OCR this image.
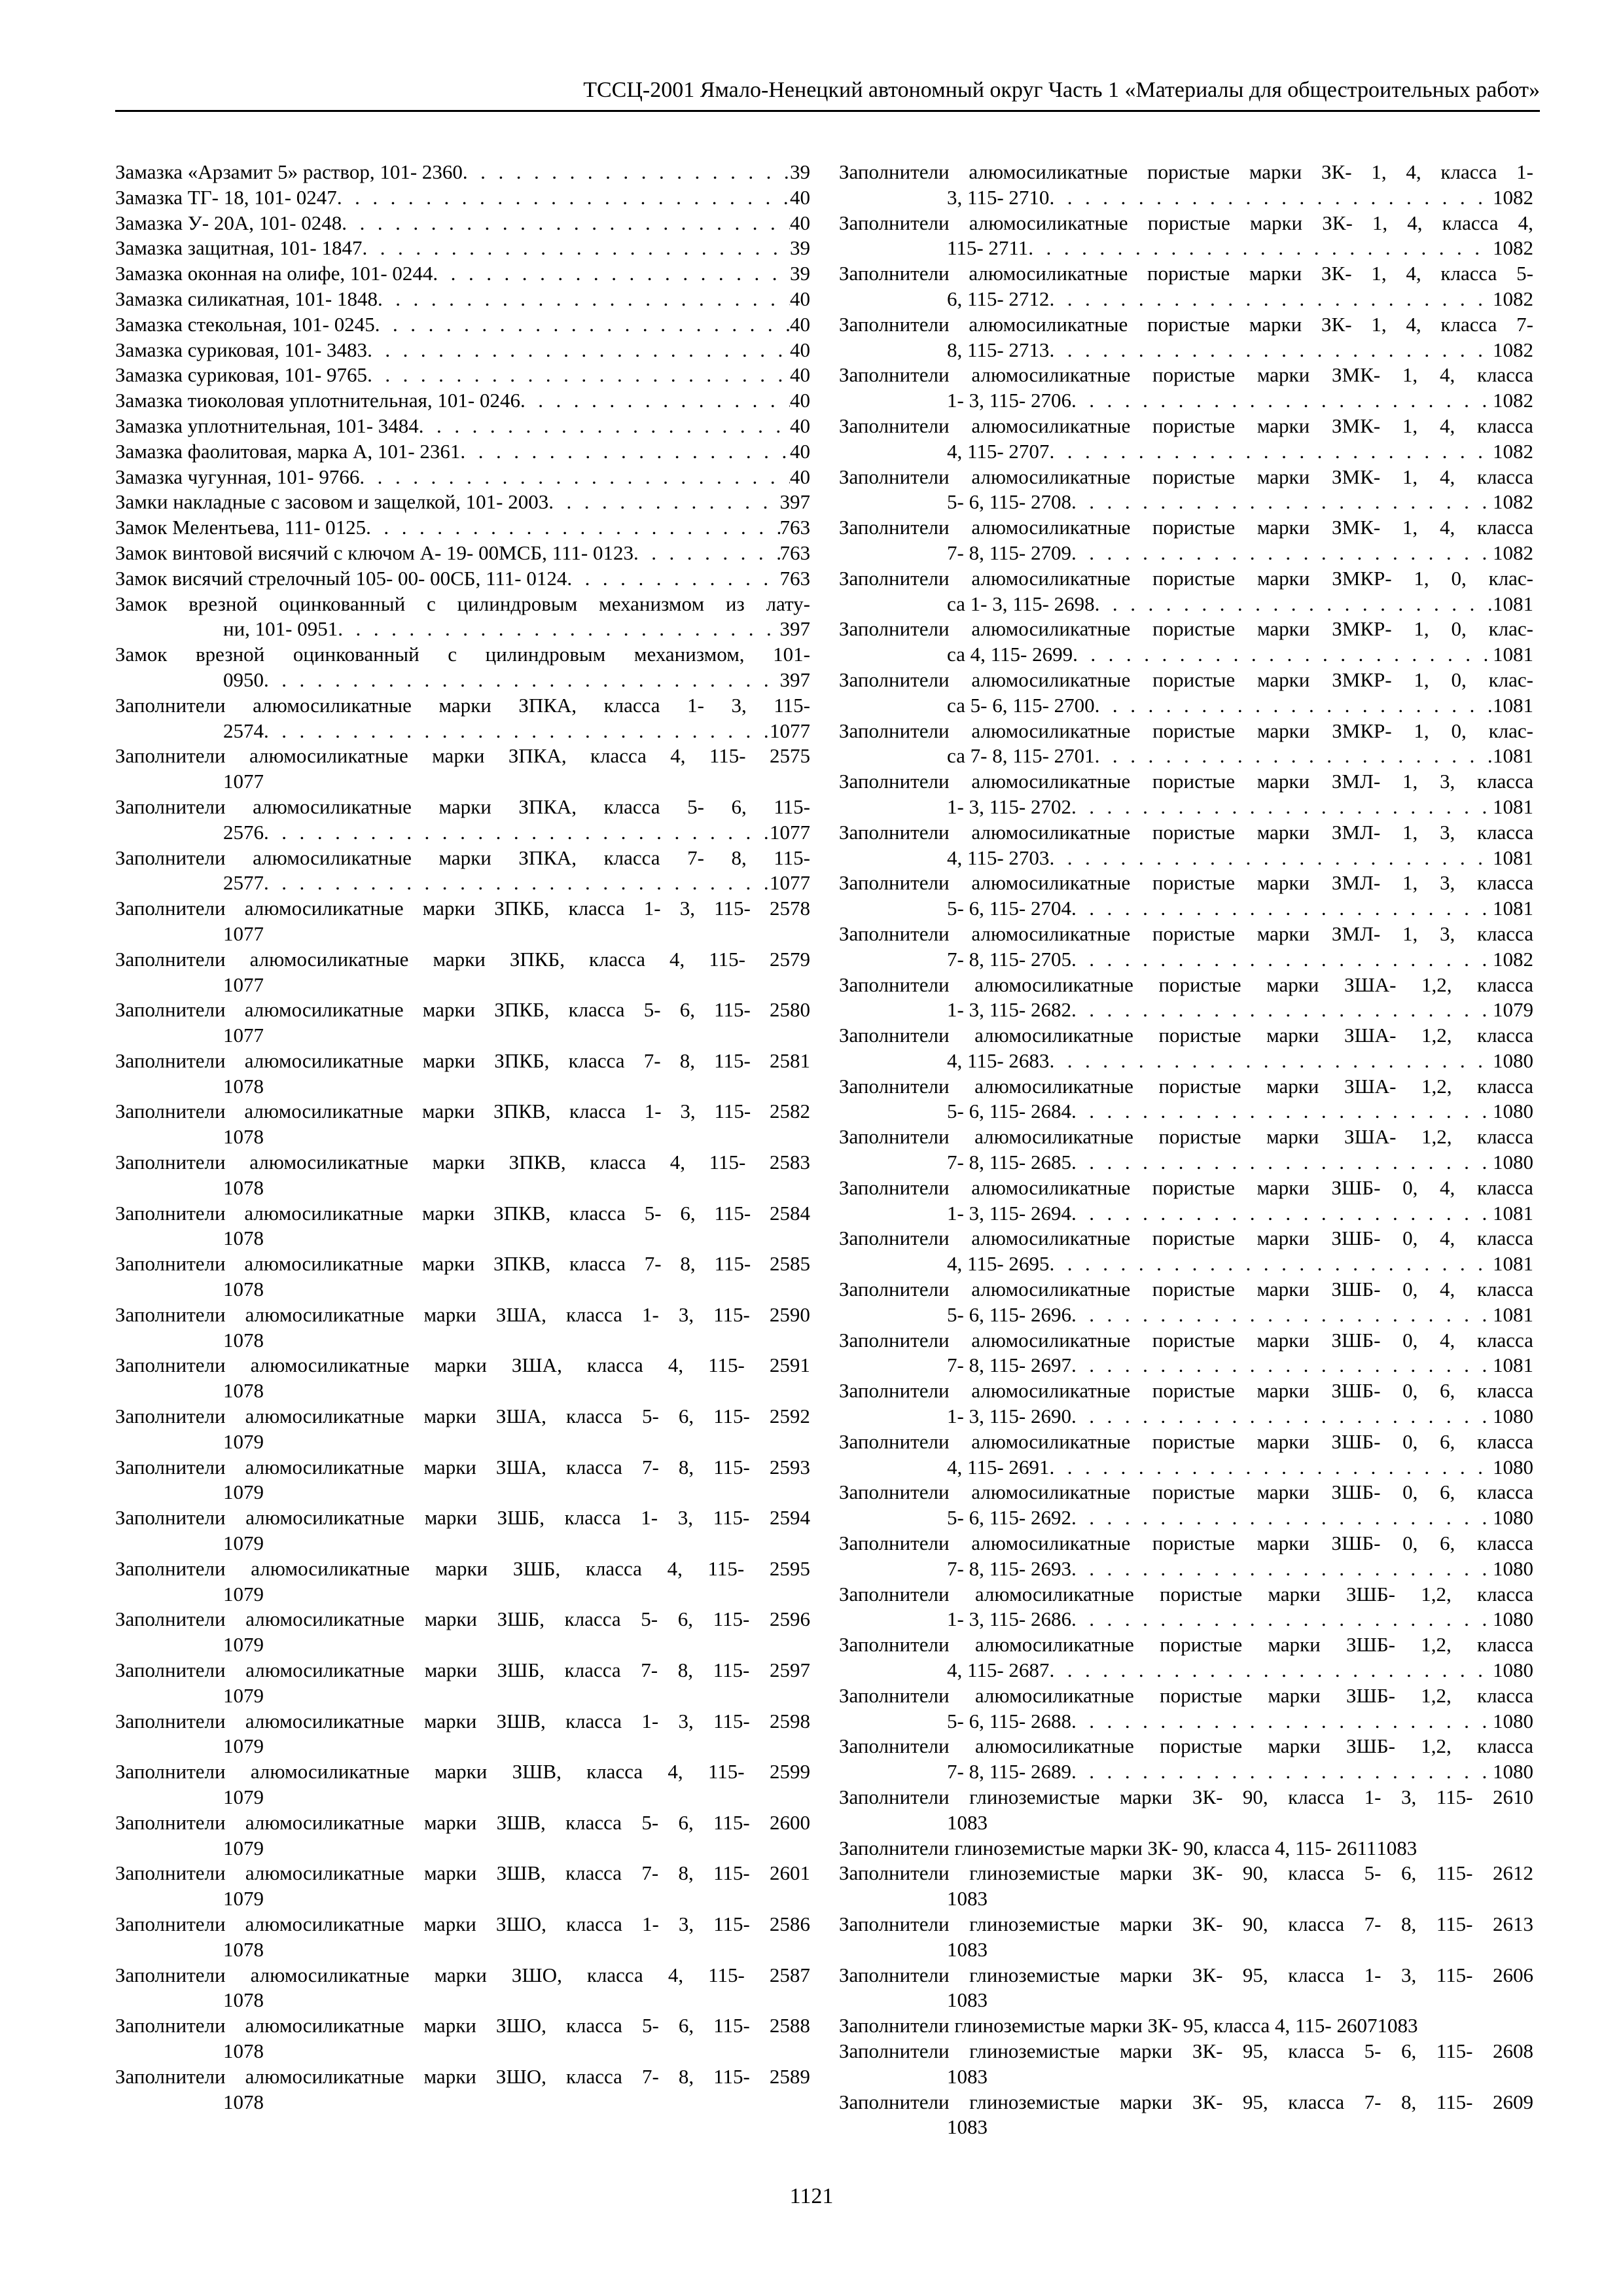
ТССЦ-2001 Ямало-Ненецкий автономный округ Часть 1 «Материалы для общестроительных работ»
Замазка «Арзамит 5» раствор, 101- 2360 . . .	39
Замазка ТГ- 18, 101- 0247 . . .	40
Замазка У- 20А, 101- 0248 . . .	40
Замазка защитная, 101- 1847 . . .	39
Замазка оконная на олифе, 101- 0244 . . .	39
Замазка силикатная, 101- 1848 . . .	40
Замазка стекольная, 101- 0245 . . .	40
Замазка суриковая, 101- 3483 . . .	40
Замазка суриковая, 101- 9765 . . .	40
Замазка тиоколовая уплотнительная, 101- 0246 . . .	40
Замазка уплотнительная, 101- 3484 . . .	40
Замазка фаолитовая, марка А, 101- 2361 . . .	40
Замазка чугунная, 101- 9766 . . .	40
Замки накладные с засовом и защелкой, 101- 2003 . . .	397
Замок Мелентьева, 111- 0125 . . .	763
Замок винтовой висячий с ключом А- 19- 00МСБ, 111- 0123 . . .	763
Замок висячий стрелочный 105- 00- 00СБ, 111- 0124 . . .	763
Замок врезной оцинкованный с цилиндровым механизмом из лату-
ни, 101- 0951 . . .	397
Замок врезной оцинкованный с цилиндровым механизмом, 101-
0950 . . .	397
Заполнители алюмосиликатные марки ЗПКА, класса 1- 3, 115-
2574 . . .	1077
Заполнители алюмосиликатные марки ЗПКА, класса 4, 115- 2575
1077
Заполнители алюмосиликатные марки ЗПКА, класса 5- 6, 115-
2576 . . .	1077
Заполнители алюмосиликатные марки ЗПКА, класса 7- 8, 115-
2577 . . .	1077
Заполнители алюмосиликатные марки ЗПКБ, класса 1- 3, 115- 2578
1077
Заполнители алюмосиликатные марки ЗПКБ, класса 4, 115- 2579
1077
Заполнители алюмосиликатные марки ЗПКБ, класса 5- 6, 115- 2580
1077
Заполнители алюмосиликатные марки ЗПКБ, класса 7- 8, 115- 2581
1078
Заполнители алюмосиликатные марки ЗПКВ, класса 1- 3, 115- 2582
1078
Заполнители алюмосиликатные марки ЗПКВ, класса 4, 115- 2583
1078
Заполнители алюмосиликатные марки ЗПКВ, класса 5- 6, 115- 2584
1078
Заполнители алюмосиликатные марки ЗПКВ, класса 7- 8, 115- 2585
1078
Заполнители алюмосиликатные марки ЗША, класса 1- 3, 115- 2590
1078
Заполнители алюмосиликатные марки ЗША, класса 4, 115- 2591
1078
Заполнители алюмосиликатные марки ЗША, класса 5- 6, 115- 2592
1079
Заполнители алюмосиликатные марки ЗША, класса 7- 8, 115- 2593
1079
Заполнители алюмосиликатные марки ЗШБ, класса 1- 3, 115- 2594
1079
Заполнители алюмосиликатные марки ЗШБ, класса 4, 115- 2595
1079
Заполнители алюмосиликатные марки ЗШБ, класса 5- 6, 115- 2596
1079
Заполнители алюмосиликатные марки ЗШБ, класса 7- 8, 115- 2597
1079
Заполнители алюмосиликатные марки ЗШВ, класса 1- 3, 115- 2598
1079
Заполнители алюмосиликатные марки ЗШВ, класса 4, 115- 2599
1079
Заполнители алюмосиликатные марки ЗШВ, класса 5- 6, 115- 2600
1079
Заполнители алюмосиликатные марки ЗШВ, класса 7- 8, 115- 2601
1079
Заполнители алюмосиликатные марки ЗШО, класса 1- 3, 115- 2586
1078
Заполнители алюмосиликатные марки ЗШО, класса 4, 115- 2587
1078
Заполнители алюмосиликатные марки ЗШО, класса 5- 6, 115- 2588
1078
Заполнители алюмосиликатные марки ЗШО, класса 7- 8, 115- 2589
1078
Заполнители алюмосиликатные пористые марки ЗК- 1, 4, класса 1-
3, 115- 2710 . . .	1082
Заполнители алюмосиликатные пористые марки ЗК- 1, 4, класса 4,
115- 2711 . . .	1082
Заполнители алюмосиликатные пористые марки ЗК- 1, 4, класса 5-
6, 115- 2712 . . .	1082
Заполнители алюмосиликатные пористые марки ЗК- 1, 4, класса 7-
8, 115- 2713 . . .	1082
Заполнители алюмосиликатные пористые марки ЗМК- 1, 4, класса
1- 3, 115- 2706 . . .	1082
Заполнители алюмосиликатные пористые марки ЗМК- 1, 4, класса
4, 115- 2707 . . .	1082
Заполнители алюмосиликатные пористые марки ЗМК- 1, 4, класса
5- 6, 115- 2708 . . .	1082
Заполнители алюмосиликатные пористые марки ЗМК- 1, 4, класса
7- 8, 115- 2709 . . .	1082
Заполнители алюмосиликатные пористые марки ЗМКР- 1, 0, клас-
са 1- 3, 115- 2698 . . .	1081
Заполнители алюмосиликатные пористые марки ЗМКР- 1, 0, клас-
са 4, 115- 2699 . . .	1081
Заполнители алюмосиликатные пористые марки ЗМКР- 1, 0, клас-
са 5- 6, 115- 2700 . . .	1081
Заполнители алюмосиликатные пористые марки ЗМКР- 1, 0, клас-
са 7- 8, 115- 2701 . . .	1081
Заполнители алюмосиликатные пористые марки ЗМЛ- 1, 3, класса
1- 3, 115- 2702 . . .	1081
Заполнители алюмосиликатные пористые марки ЗМЛ- 1, 3, класса
4, 115- 2703 . . .	1081
Заполнители алюмосиликатные пористые марки ЗМЛ- 1, 3, класса
5- 6, 115- 2704 . . .	1081
Заполнители алюмосиликатные пористые марки ЗМЛ- 1, 3, класса
7- 8, 115- 2705 . . .	1082
Заполнители алюмосиликатные пористые марки ЗША- 1,2, класса
1- 3, 115- 2682 . . .	1079
Заполнители алюмосиликатные пористые марки ЗША- 1,2, класса
4, 115- 2683 . . .	1080
Заполнители алюмосиликатные пористые марки ЗША- 1,2, класса
5- 6, 115- 2684 . . .	1080
Заполнители алюмосиликатные пористые марки ЗША- 1,2, класса
7- 8, 115- 2685 . . .	1080
Заполнители алюмосиликатные пористые марки ЗШБ- 0, 4, класса
1- 3, 115- 2694 . . .	1081
Заполнители алюмосиликатные пористые марки ЗШБ- 0, 4, класса
4, 115- 2695 . . .	1081
Заполнители алюмосиликатные пористые марки ЗШБ- 0, 4, класса
5- 6, 115- 2696 . . .	1081
Заполнители алюмосиликатные пористые марки ЗШБ- 0, 4, класса
7- 8, 115- 2697 . . .	1081
Заполнители алюмосиликатные пористые марки ЗШБ- 0, 6, класса
1- 3, 115- 2690 . . .	1080
Заполнители алюмосиликатные пористые марки ЗШБ- 0, 6, класса
4, 115- 2691 . . .	1080
Заполнители алюмосиликатные пористые марки ЗШБ- 0, 6, класса
5- 6, 115- 2692 . . .	1080
Заполнители алюмосиликатные пористые марки ЗШБ- 0, 6, класса
7- 8, 115- 2693 . . .	1080
Заполнители алюмосиликатные пористые марки ЗШБ- 1,2, класса
1- 3, 115- 2686 . . .	1080
Заполнители алюмосиликатные пористые марки ЗШБ- 1,2, класса
4, 115- 2687 . . .	1080
Заполнители алюмосиликатные пористые марки ЗШБ- 1,2, класса
5- 6, 115- 2688 . . .	1080
Заполнители алюмосиликатные пористые марки ЗШБ- 1,2, класса
7- 8, 115- 2689 . . .	1080
Заполнители глиноземистые марки ЗК- 90, класса 1- 3, 115- 2610
1083
Заполнители глиноземистые марки ЗК- 90, класса 4, 115- 2611 1083
Заполнители глиноземистые марки ЗК- 90, класса 5- 6, 115- 2612
1083
Заполнители глиноземистые марки ЗК- 90, класса 7- 8, 115- 2613
1083
Заполнители глиноземистые марки ЗК- 95, класса 1- 3, 115- 2606
1083
Заполнители глиноземистые марки ЗК- 95, класса 4, 115- 2607 1083
Заполнители глиноземистые марки ЗК- 95, класса 5- 6, 115- 2608
1083
Заполнители глиноземистые марки ЗК- 95, класса 7- 8, 115- 2609
1083
1121
